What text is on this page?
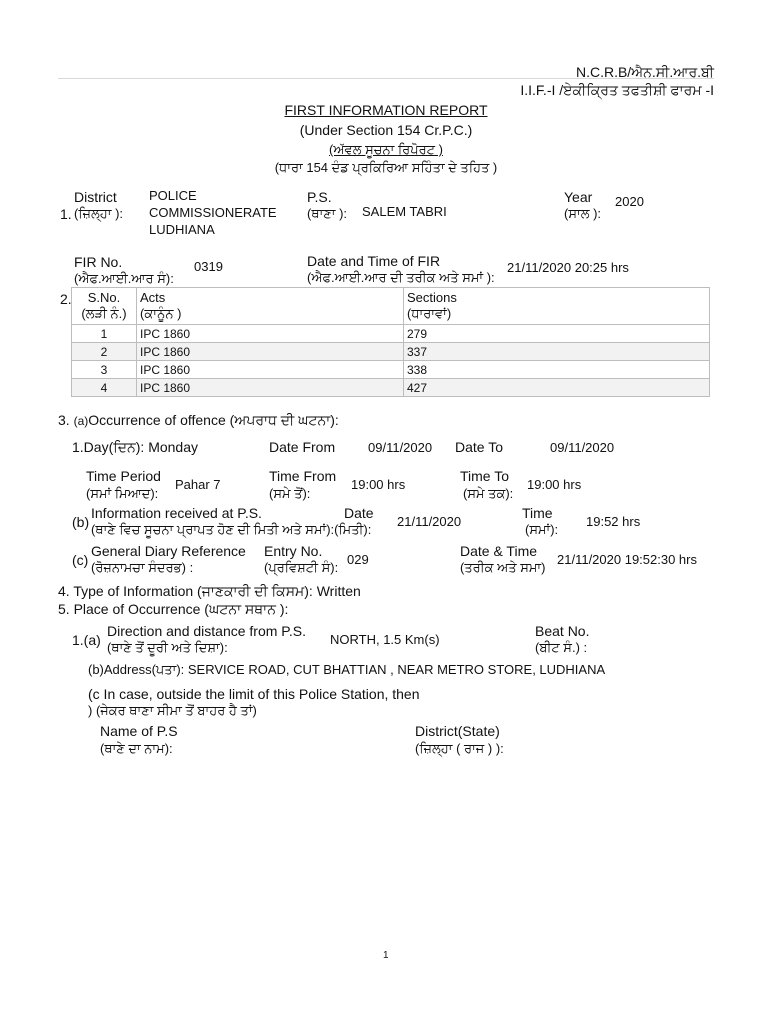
N.C.R.B/ਐਨ.ਸੀ.ਆਰ.ਬੀ
I.I.F.-I /ਏਕੀਕ੍ਰਿਤ ਤਫਤੀਸ਼ੀ ਫਾਰਮ -I
FIRST INFORMATION REPORT
(Under Section 154 Cr.P.C.)
(ਅੱਵਲ ਸੂਚਨਾ ਰਿਪੋਰਟ )
(ਧਾਰਾ 154 ਦੰਡ ਪ੍ਰਕਿਰਿਆ ਸਹਿੰਤਾ ਦੇ ਤਹਿਤ )
1.
District
(ਜ਼ਿਲ੍ਹਾ ):
POLICE
COMMISSIONERATE
LUDHIANA
P.S.
(ਥਾਣਾ ): SALEM TABRI
Year
(ਸਾਲ ):
2020
FIR No.
(ਐਫ.ਆਈ.ਆਰ ਸੰ):
0319	Date and Time of FIR
(ਐਫ.ਆਈ.ਆਰ ਦੀ ਤਰੀਕ ਅਤੇ ਸਮਾਂ ):
21/11/2020 20:25 hrs
2. S.No.
(ਲੜੀ ਨੰ.)	Acts
(ਕਾਨੂੰਨ )	Sections
(ਧਾਰਾਵਾਂ)
1	IPC 1860	279
2	IPC 1860	337
3	IPC 1860	338
4	IPC 1860	427
3. (a)Occurrence of offence (ਅਪਰਾਧ ਦੀ ਘਟਨਾ):
1.Day(ਦਿਨ): Monday	Date From	09/11/2020 Date To	09/11/2020
Time Period
(ਸਮਾਂ ਮਿਆਦ):
Pahar 7
Time From
(ਸਮੇ ਤੋਂ):
19:00 hrs
Time To
(ਸਮੇ ਤਕ):
19:00 hrs
(b)
Information received at P.S.
(ਥਾਣੇ ਵਿਚ ਸੂਚਨਾ ਪ੍ਰਾਪਤ ਹੋਣ ਦੀ ਮਿਤੀ ਅਤੇ ਸਮਾਂ):(ਮਿਤੀ):
Date
21/11/2020
Time
(ਸਮਾਂ):
19:52 hrs
(c)
General Diary Reference
(ਰੋਜ਼ਨਾਮਚਾ ਸੰਦਰਭ) :
Entry No.
(ਪ੍ਰਵਿਸ਼ਟੀ ਸੰ):
029
Date & Time
(ਤਰੀਕ ਅਤੇ ਸਮਾ)
21/11/2020 19:52:30 hrs
4. Type of Information (ਜਾਣਕਾਰੀ ਦੀ ਕਿਸਮ): Written
5. Place of Occurrence (ਘਟਨਾ ਸਥਾਨ ):
1.(a)
Direction and distance from P.S.
(ਥਾਣੇ ਤੋਂ ਦੂਰੀ ਅਤੇ ਦਿਸ਼ਾ):
NORTH, 1.5 Km(s)
Beat No.
(ਬੀਟ ਸੰ.) :
(b)Address(ਪਤਾ): SERVICE ROAD, CUT BHATTIAN , NEAR METRO STORE, LUDHIANA
(c In case, outside the limit of this Police Station, then
) (ਜੇਕਰ ਥਾਣਾ ਸੀਮਾ ਤੋਂ ਬਾਹਰ ਹੈ ਤਾਂ)
Name of P.S
(ਥਾਣੇ ਦਾ ਨਾਮ):
District(State)
(ਜ਼ਿਲ੍ਹਾ ( ਰਾਜ ) ):
1
